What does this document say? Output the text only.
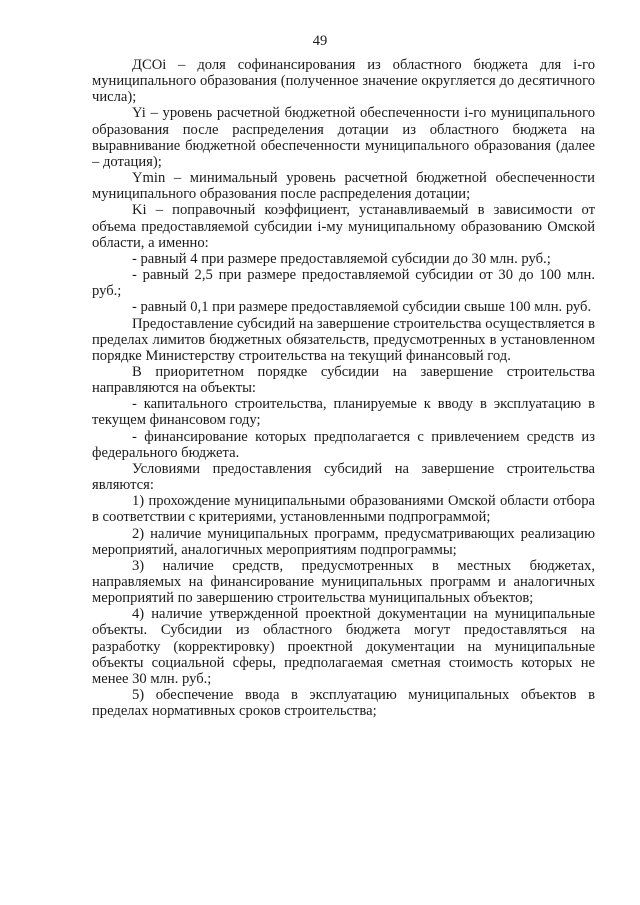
49

ДСОi – доля софинансирования из областного бюджета для i-го муниципального образования (полученное значение округляется до десятичного числа);

Yi – уровень расчетной бюджетной обеспеченности i-го муниципального образования после распределения дотации из областного бюджета на выравнивание бюджетной обеспеченности муниципального образования (далее – дотация);

Ymin – минимальный уровень расчетной бюджетной обеспеченности муниципального образования после распределения дотации;

Ki – поправочный коэффициент, устанавливаемый в зависимости от объема предоставляемой субсидии i-му муниципальному образованию Омской области, а именно:

- равный 4 при размере предоставляемой субсидии до 30 млн. руб.;

- равный 2,5 при размере предоставляемой субсидии от 30 до 100 млн. руб.;

- равный 0,1 при размере предоставляемой субсидии свыше 100 млн. руб.

Предоставление субсидий на завершение строительства осуществляется в пределах лимитов бюджетных обязательств, предусмотренных в установленном порядке Министерству строительства на текущий финансовый год.

В приоритетном порядке субсидии на завершение строительства направляются на объекты:

- капитального строительства, планируемые к вводу в эксплуатацию в текущем финансовом году;

- финансирование которых предполагается с привлечением средств из федерального бюджета.

Условиями предоставления субсидий на завершение строительства являются:

1) прохождение муниципальными образованиями Омской области отбора в соответствии с критериями, установленными подпрограммой;

2) наличие муниципальных программ, предусматривающих реализацию мероприятий, аналогичных мероприятиям подпрограммы;

3) наличие средств, предусмотренных в местных бюджетах, направляемых на финансирование муниципальных программ и аналогичных мероприятий по завершению строительства муниципальных объектов;

4) наличие утвержденной проектной документации на муниципальные объекты. Субсидии из областного бюджета могут предоставляться на разработку (корректировку) проектной документации на муниципальные объекты социальной сферы, предполагаемая сметная стоимость которых не менее 30 млн. руб.;

5) обеспечение ввода в эксплуатацию муниципальных объектов в пределах нормативных сроков строительства;
